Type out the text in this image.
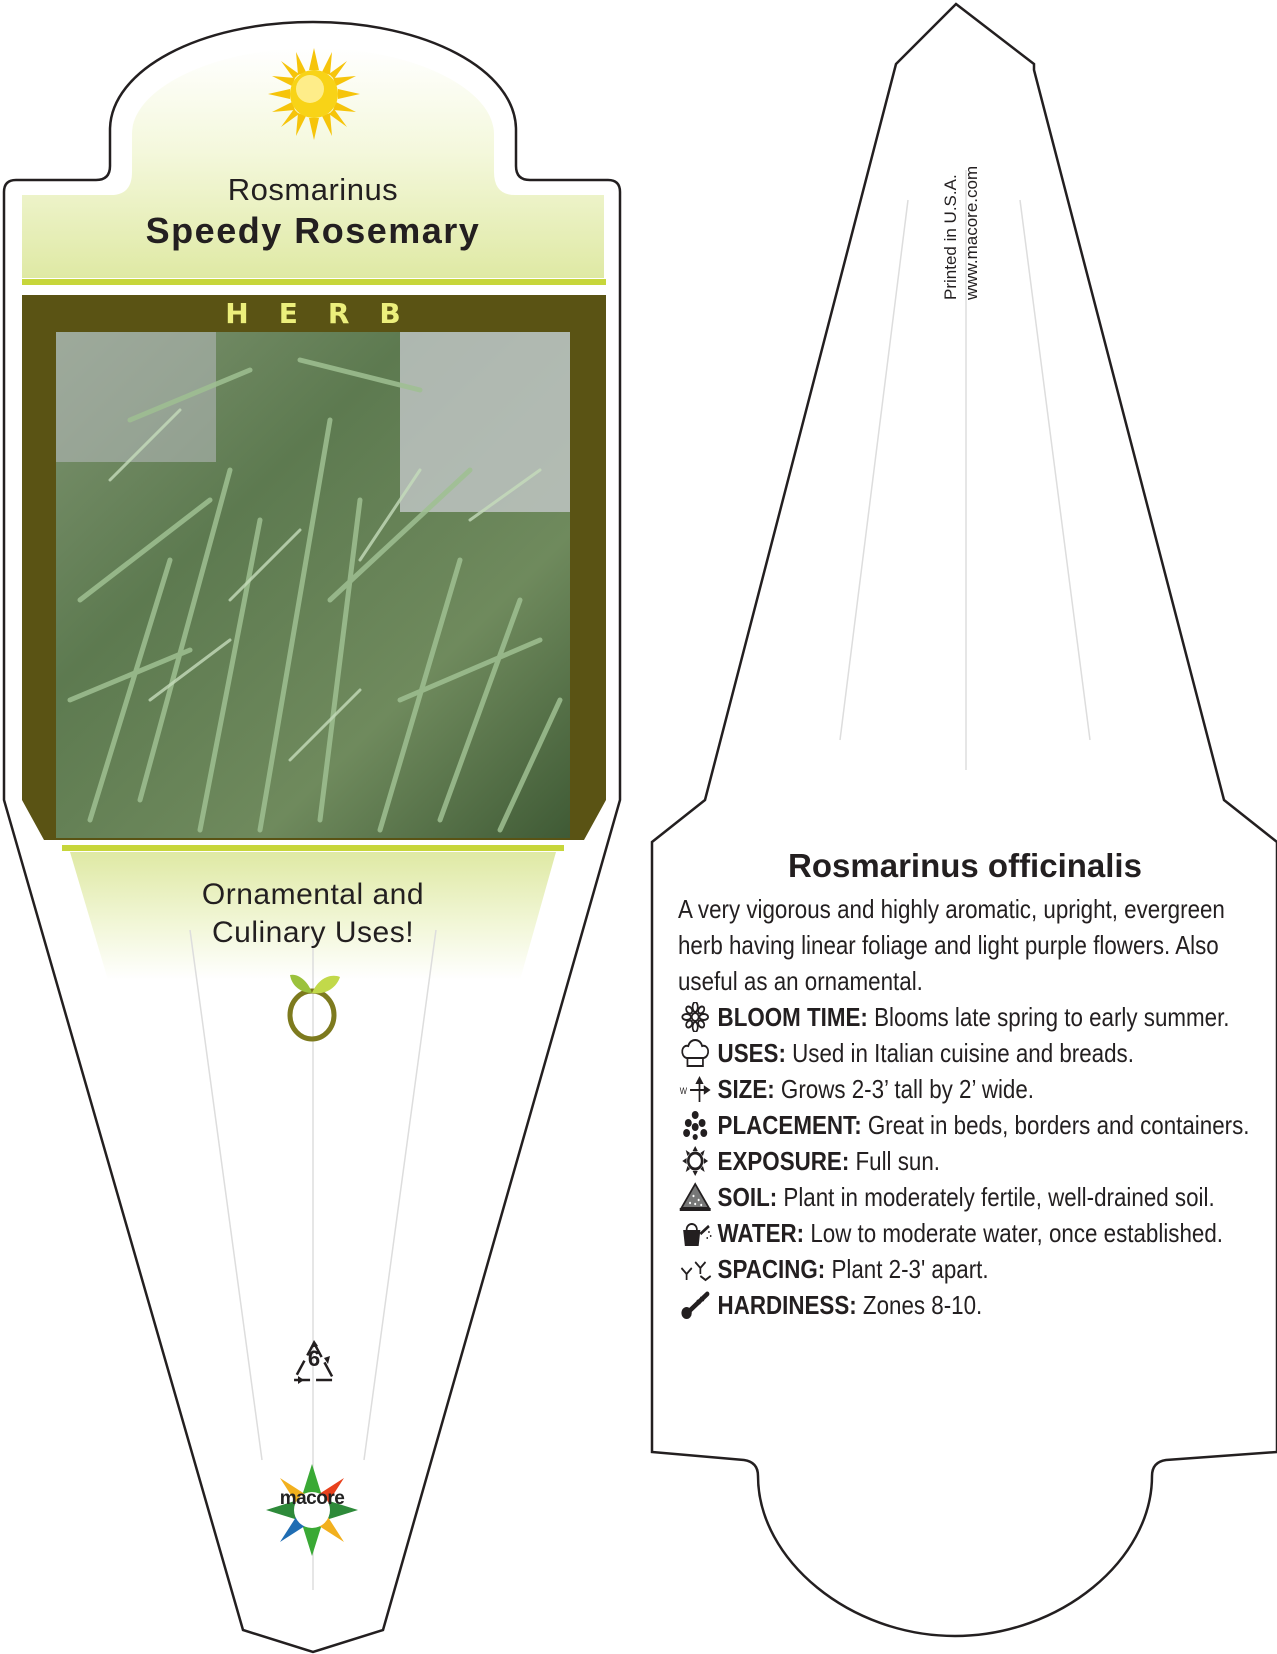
Rosmarinus
Speedy Rosemary
HERB
Ornamental and
Culinary Uses!
6
macore
Printed in U.S.A. www.macore.com
Rosmarinus officinalis

A very vigorous and highly aromatic, upright, evergreen herb having linear foliage and light purple flowers. Also useful as an ornamental.

BLOOM TIME: Blooms late spring to early summer.

USES: Used in Italian cuisine and breads.

W SIZE: Grows 2-3’ tall by 2’ wide.

PLACEMENT: Great in beds, borders and containers.

EXPOSURE: Full sun.

SOIL: Plant in moderately fertile, well-drained soil.

WATER: Low to moderate water, once established.

SPACING: Plant 2-3' apart.

HARDINESS: Zones 8-10.
